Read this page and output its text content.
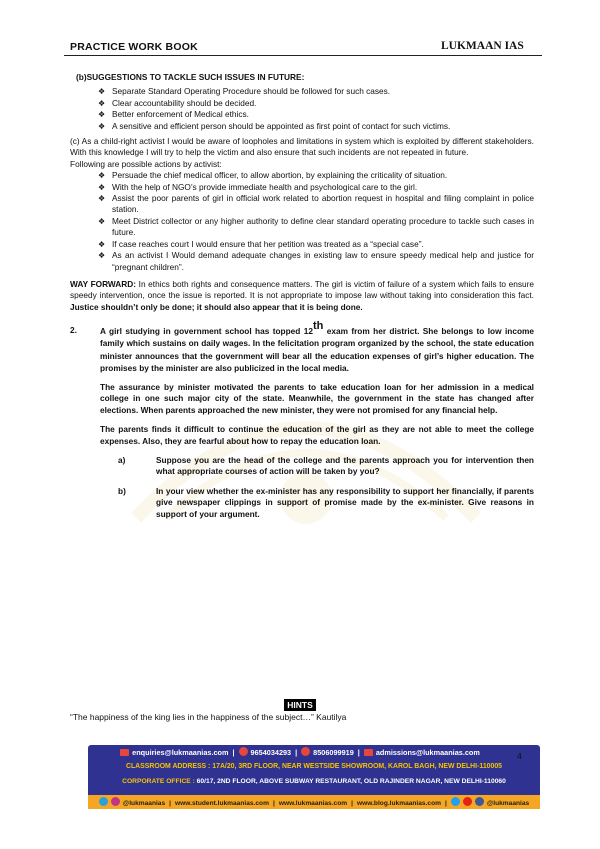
PRACTICE WORK BOOK	LUKMAAN IAS

(b)SUGGESTIONS TO TACKLE SUCH ISSUES IN FUTURE:

❖ Separate Standard Operating Procedure should be followed for such cases.
❖ Clear accountability should be decided.
❖ Better enforcement of Medical ethics.
❖ A sensitive and efficient person should be appointed as first point of contact for such victims.

(c) As a child-right activist I would be aware of loopholes and limitations in system which is exploited by different stakeholders. With this knowledge I will try to help the victim and also ensure that such incidents are not repeated in future.

Following are possible actions by activist:

❖ Persuade the chief medical officer, to allow abortion, by explaining the criticality of situation.
❖ With the help of NGO’s provide immediate health and psychological care to the girl.
❖ Assist the poor parents of girl in official work related to abortion request in hospital and filing complaint in police station.
❖ Meet District collector or any higher authority to define clear standard operating procedure to tackle such cases in future.
❖ If case reaches court I would ensure that her petition was treated as a “special case”.
❖ As an activist I Would demand adequate changes in existing law to ensure speedy medical help and justice for “pregnant children”.

WAY FORWARD: In ethics both rights and consequence matters. The girl is victim of failure of a system which fails to ensure speedy intervention, once the issue is reported. It is not appropriate to impose law without taking into consideration this fact. Justice shouldn’t only be done; it should also appear that it is being done.

2.	A girl studying in government school has topped 12th exam from her district. She belongs to low income family which sustains on daily wages. In the felicitation program organized by the school, the state education minister announces that the government will bear all the education expenses of girl’s higher education. The promises by the minister are also publicized in the local media.

The assurance by minister motivated the parents to take education loan for her admission in a medical college in one such major city of the state. Meanwhile, the government in the state has changed after elections. When parents approached the new minister, they were not promised for any financial help.

The parents finds it difficult to continue the education of the girl as they are not able to meet the college expenses. Also, they are fearful about how to repay the education loan.

a)	Suppose you are the head of the college and the parents approach you for intervention then what appropriate courses of action will be taken by you?
b)	In your view whether the ex-minister has any responsibility to support her financially, if parents give newspaper clippings in support of promise made by the ex-minister. Give reasons in support of your argument.
HINTS
“The happiness of the king lies in the happiness of the subject…” Kautilya
4
enquiries@lukmaanias.com | 9654034293 | 8506099919 | admissions@lukmaanias.com
CLASSROOM ADDRESS : 17A/20, 3RD FLOOR, NEAR WESTSIDE SHOWROOM, KAROL BAGH, NEW DELHI-110005
CORPORATE OFFICE : 60/17, 2ND FLOOR, ABOVE SUBWAY RESTAURANT, OLD RAJINDER NAGAR, NEW DELHI-110060
@lukmaanias | www.student.lukmaanias.com | www.lukmaanias.com | www.blog.lukmaanias.com |	@lukmaanias
